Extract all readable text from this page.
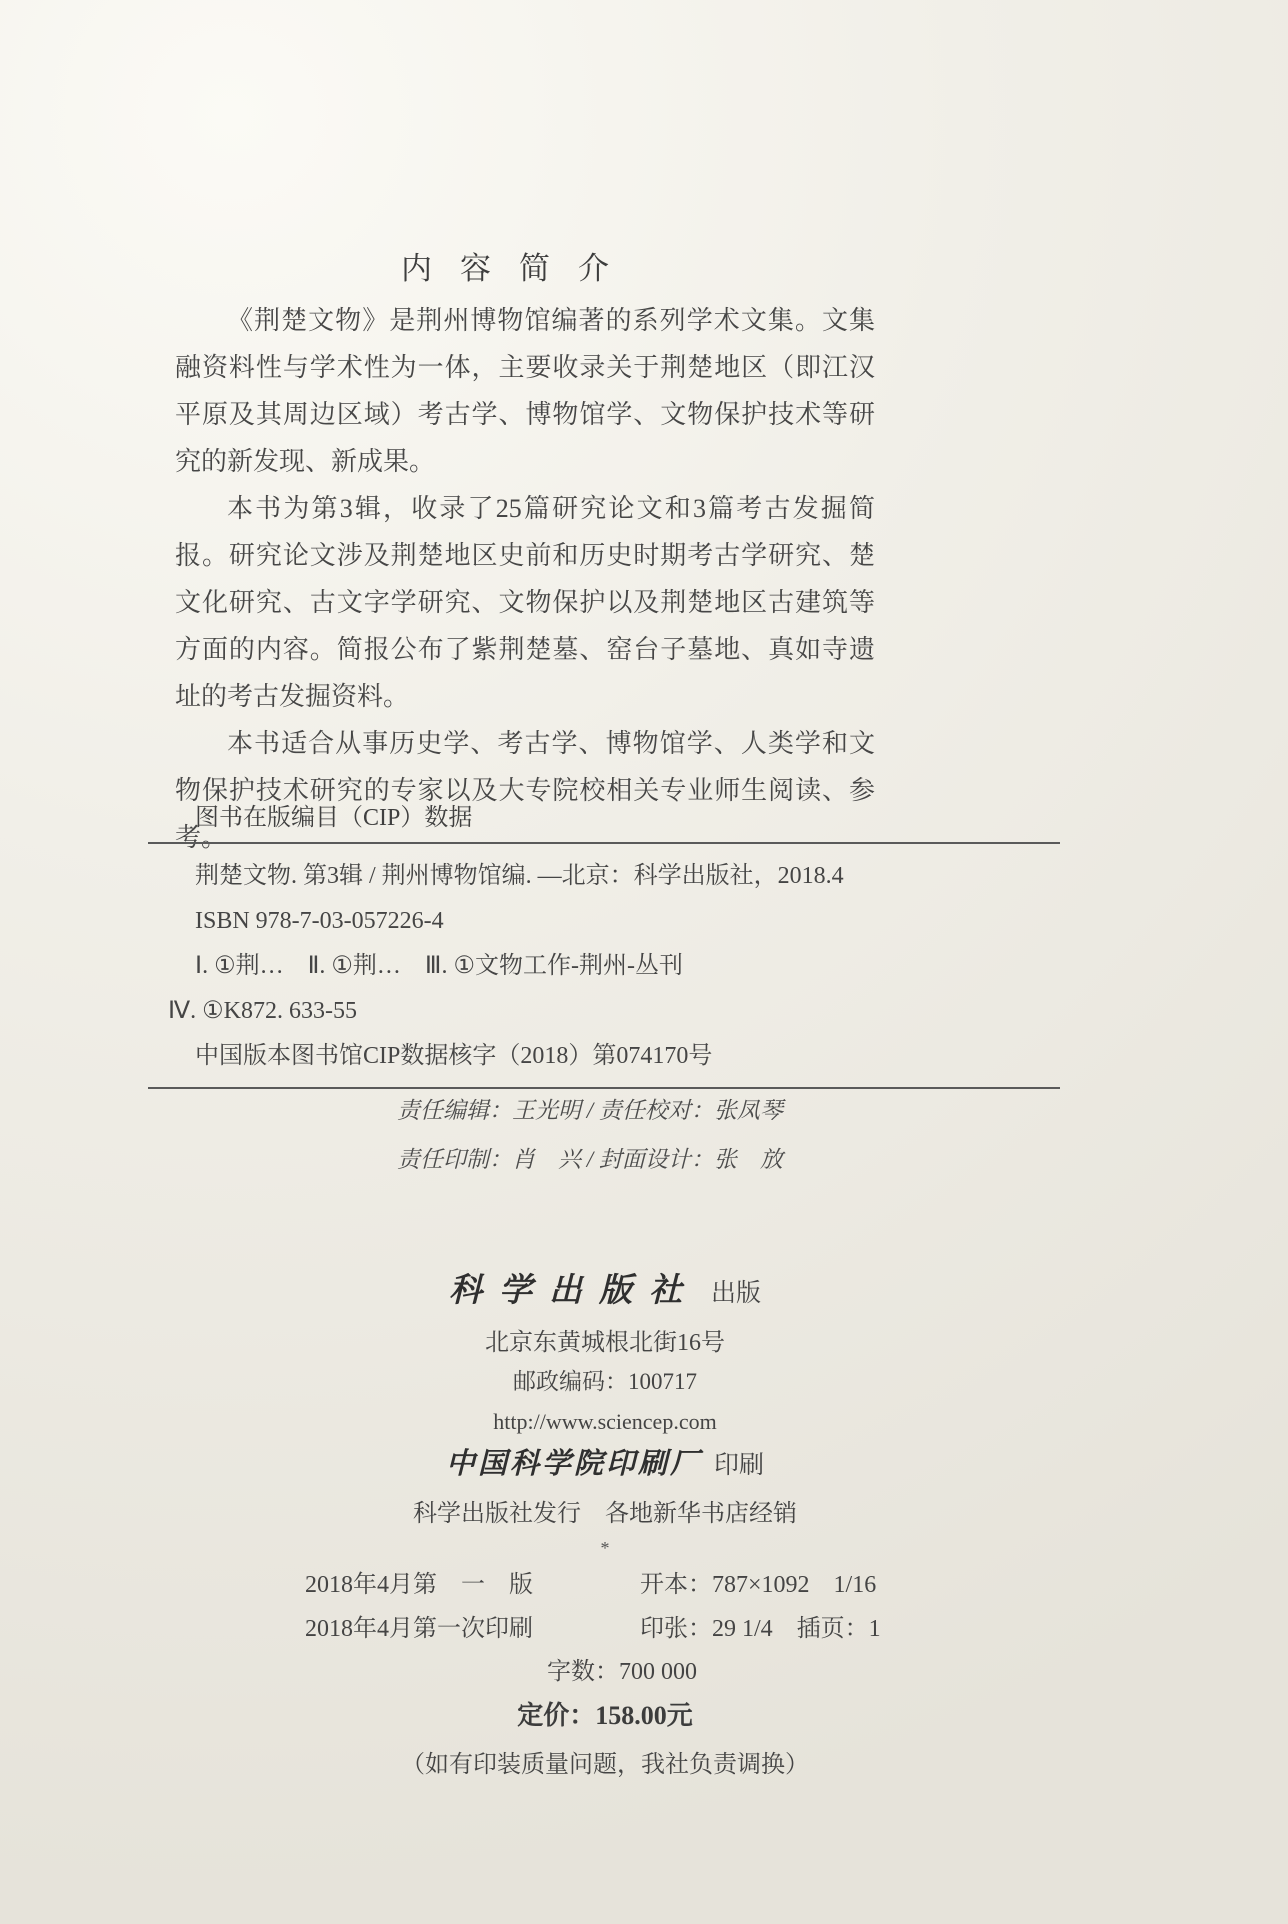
内容简介

《荆楚文物》是荆州博物馆编著的系列学术文集。文集融资料性与学术性为一体，主要收录关于荆楚地区（即江汉平原及其周边区域）考古学、博物馆学、文物保护技术等研究的新发现、新成果。

本书为第3辑，收录了25篇研究论文和3篇考古发掘简报。研究论文涉及荆楚地区史前和历史时期考古学研究、楚文化研究、古文字学研究、文物保护以及荆楚地区古建筑等方面的内容。简报公布了紫荆楚墓、窑台子墓地、真如寺遗址的考古发掘资料。

本书适合从事历史学、考古学、博物馆学、人类学和文物保护技术研究的专家以及大专院校相关专业师生阅读、参考。

图书在版编目（CIP）数据
荆楚文物. 第3辑 / 荆州博物馆编. —北京：科学出版社，2018.4
ISBN 978-7-03-057226-4
Ⅰ. ①荆…　Ⅱ. ①荆…　Ⅲ. ①文物工作-荆州-丛刊
Ⅳ. ①K872. 633-55
中国版本图书馆CIP数据核字（2018）第074170号
责任编辑：王光明 / 责任校对：张凤琴
责任印制：肖　兴 / 封面设计：张　放
科学出版社 出版
北京东黄城根北街16号
邮政编码：100717
http://www.sciencep.com
中国科学院印刷厂 印刷
科学出版社发行　各地新华书店经销
*
2018年4月第　一　版	开本：787×1092　1/16
2018年4月第一次印刷	印张：29 1/4　插页：1
字数：700 000
定价：158.00元
（如有印装质量问题，我社负责调换）
